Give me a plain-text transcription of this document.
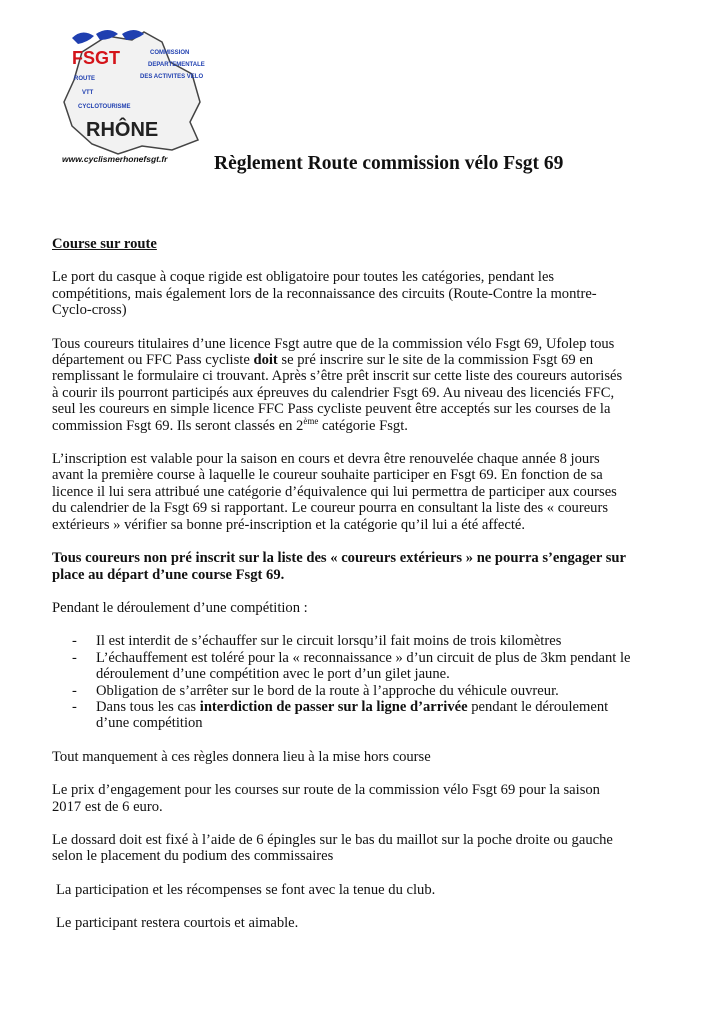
FSGT	COMMISSION
DEPARTEMENTALE
DES ACTIVITES VELO
ROUTE
VTT
CYCLOTOURISME
RHÔNE
www.cyclismerhonefsgt.fr Règlement Route commission vélo Fsgt 69
Course sur route
Le port du casque à coque rigide est obligatoire pour toutes les catégories, pendant les compétitions, mais également lors de la reconnaissance des circuits (Route-Contre la montre- Cyclo-cross)
Tous coureurs titulaires d’une licence Fsgt autre que de la commission vélo Fsgt 69, Ufolep tous département ou FFC Pass cycliste doit se pré inscrire sur le site de la commission Fsgt 69 en remplissant le formulaire ci trouvant. Après s’être prêt inscrit sur cette liste des coureurs autorisés à courir ils pourront participés aux épreuves du calendrier Fsgt 69. Au niveau des licenciés FFC, seul les coureurs en simple licence FFC Pass cycliste peuvent être acceptés sur les courses de la commission Fsgt 69. Ils seront classés en 2ème catégorie Fsgt.
L’inscription est valable pour la saison en cours et devra être renouvelée chaque année 8 jours avant la première course à laquelle le coureur souhaite participer en Fsgt 69. En fonction de sa licence il lui sera attribué une catégorie d’équivalence qui lui permettra de participer aux courses du calendrier de la Fsgt 69 si rapportant. Le coureur pourra en consultant la liste des « coureurs extérieurs » vérifier sa bonne pré-inscription et la catégorie qu’il lui a été affecté.
Tous coureurs non pré inscrit sur la liste des « coureurs extérieurs » ne pourra s’engager sur place au départ d’une course Fsgt 69.
Pendant le déroulement d’une compétition :
- Il est interdit de s’échauffer sur le circuit lorsqu’il fait moins de trois kilomètres
- L’échauffement est toléré pour la « reconnaissance » d’un circuit de plus de 3km pendant le déroulement d’une compétition avec le port d’un gilet jaune.
- Obligation de s’arrêter sur le bord de la route à l’approche du véhicule ouvreur.
- Dans tous les cas interdiction de passer sur la ligne d’arrivée pendant le déroulement d’une compétition
Tout manquement à ces règles donnera lieu à la mise hors course
Le prix d’engagement pour les courses sur route de la commission vélo Fsgt 69 pour la saison 2017 est de 6 euro.
Le dossard doit est fixé à l’aide de 6 épingles sur le bas du maillot sur la poche droite ou gauche selon le placement du podium des commissaires
La participation et les récompenses se font avec la tenue du club.
Le participant restera courtois et aimable.
